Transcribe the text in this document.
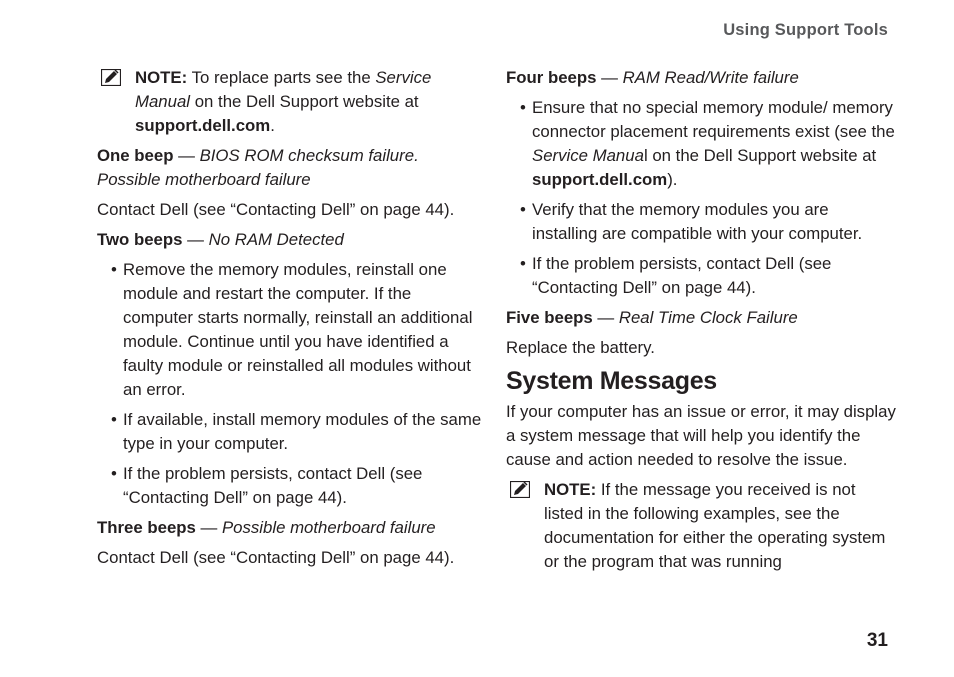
Using Support Tools
NOTE: To replace parts see the Service Manual on the Dell Support website at support.dell.com.

One beep — BIOS ROM checksum failure. Possible motherboard failure

Contact Dell (see “Contacting Dell” on page 44).

Two beeps — No RAM Detected

• Remove the memory modules, reinstall one module and restart the computer. If the computer starts normally, reinstall an additional module. Continue until you have identified a faulty module or reinstalled all modules without an error.
• If available, install memory modules of the same type in your computer.
• If the problem persists, contact Dell (see “Contacting Dell” on page 44).

Three beeps — Possible motherboard failure

Contact Dell (see “Contacting Dell” on page 44).

Four beeps — RAM Read/Write failure

• Ensure that no special memory module/ memory connector placement requirements exist (see the Service Manual on the Dell Support website at support.dell.com).
• Verify that the memory modules you are installing are compatible with your computer.
• If the problem persists, contact Dell (see “Contacting Dell” on page 44).

Five beeps — Real Time Clock Failure

Replace the battery.

System Messages

If your computer has an issue or error, it may display a system message that will help you identify the cause and action needed to resolve the issue.

NOTE: If the message you received is not listed in the following examples, see the documentation for either the operating system or the program that was running
31
